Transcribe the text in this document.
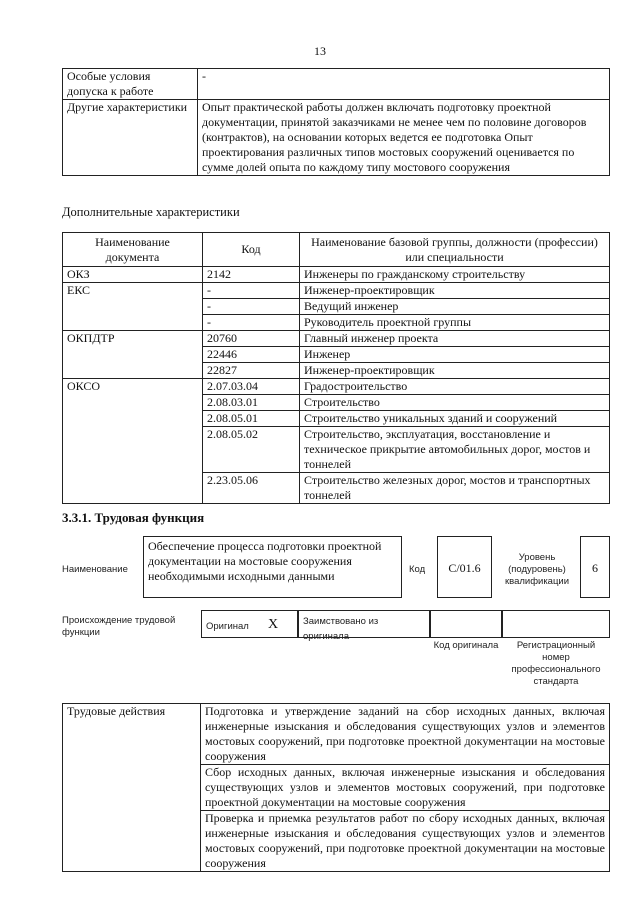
13
Особые условия допуска к работе	-
Другие характеристики	Опыт практической работы должен включать подготовку проектной документации, принятой заказчиками не менее чем по половине договоров (контрактов), на основании которых ведется ее подготовка Опыт проектирования различных типов мостовых сооружений оценивается по сумме долей опыта по каждому типу мостового сооружения
Дополнительные характеристики
Наименование документа	Код	Наименование базовой группы, должности (профессии) или специальности
ОКЗ	2142	Инженеры по гражданскому строительству
ЕКС	-	Инженер-проектировщик
	-	Ведущий инженер
	-	Руководитель проектной группы
ОКПДТР	20760	Главный инженер проекта
	22446	Инженер
	22827	Инженер-проектировщик
ОКСО	2.07.03.04	Градостроительство
	2.08.03.01	Строительство
	2.08.05.01	Строительство уникальных зданий и сооружений
	2.08.05.02	Строительство, эксплуатация, восстановление и техническое прикрытие автомобильных дорог, мостов и тоннелей
	2.23.05.06	Строительство железных дорог, мостов и транспортных тоннелей
3.3.1. Трудовая функция
Наименование
Обеспечение процесса подготовки проектной документации на мостовые сооружения необходимыми исходными данными	Код	С/01.6
Уровень (подуровень) квалификации
6
Происхождение трудовой функции
Оригинал X	Заимствовано из оригинала
Код оригинала	Регистрационный номер профессионального стандарта
Трудовые действия	Подготовка и утверждение заданий на сбор исходных данных, включая инженерные изыскания и обследования существующих узлов и элементов мостовых сооружений, при подготовке проектной документации на мостовые сооружения
Сбор исходных данных, включая инженерные изыскания и обследования существующих узлов и элементов мостовых сооружений, при подготовке проектной документации на мостовые сооружения
Проверка и приемка результатов работ по сбору исходных данных, включая инженерные изыскания и обследования существующих узлов и элементов мостовых сооружений, при подготовке проектной документации на мостовые сооружения
